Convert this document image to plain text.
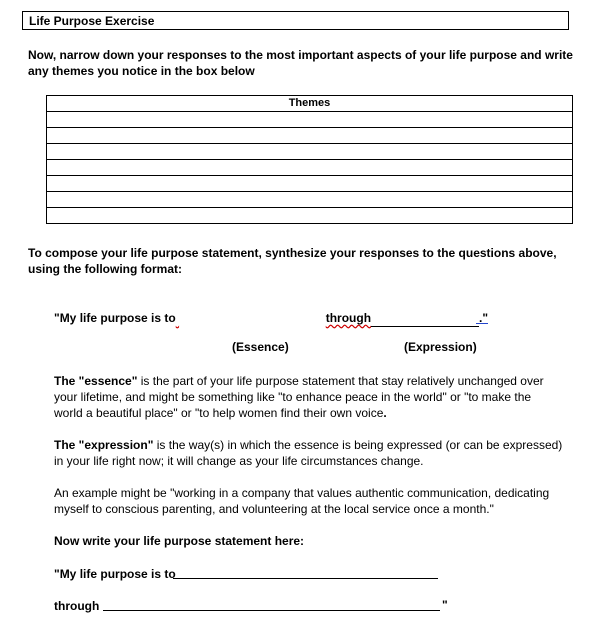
Life Purpose Exercise
Now, narrow down your responses to the most important aspects of your life purpose and write any themes you notice in the box below
Themes

To compose your life purpose statement, synthesize your responses to the questions above, using the following format:
"My life purpose is to	through	."
(Essence)	(Expression)
The "essence" is the part of your life purpose statement that stay relatively unchanged over your lifetime, and might be something like "to enhance peace in the world" or "to make the world a beautiful place" or "to help women find their own voice.
The "expression" is the way(s) in which the essence is being expressed (or can be expressed) in your life right now; it will change as your life circumstances change.
An example might be "working in a company that values authentic communication, dedicating myself to conscious parenting, and volunteering at the local service once a month."
Now write your life purpose statement here:
"My life purpose is to
through	"
